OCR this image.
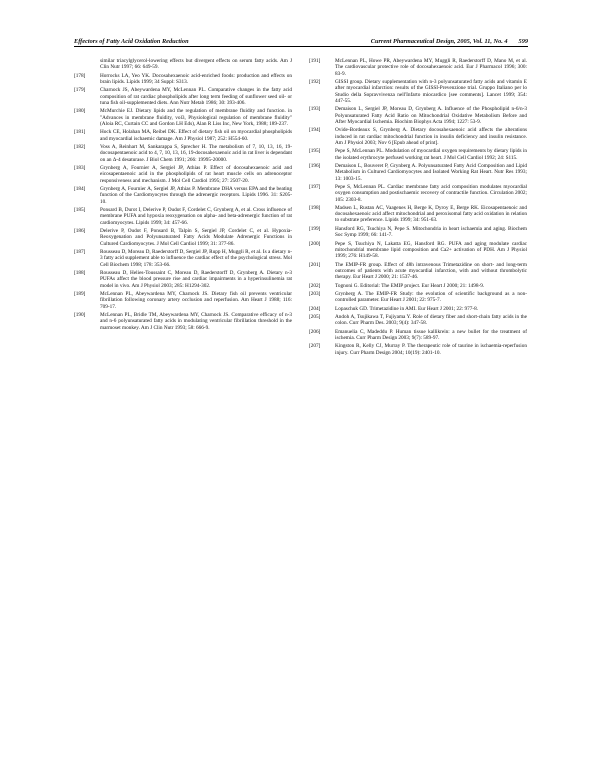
Effectors of Fatty Acid Oxidation Reduction	Current Pharmaceutical Design, 2005, Vol. 11, No. 4 599
similar triacylglycerol-lowering effects but divergent effects on serum fatty acids. Am J Clin Nutr 1997; 66: 649-59.
[178]	Horrocks LA, Yeo YK. Docosahexaenoic acid-enriched foods: production and effects on brain lipids. Lipids 1999; 34 Suppl: S313.
[179]	Charnock JS, Abeywardena MY, McLennan PL. Comparative changes in the fatty acid composition of rat cardiac phospholipids after long term feeding of sunflower seed oil- or tuna fish oil-supplemented diets. Ann Nutr Metab 1986; 30: 393-406.
[180]	McMurchie EJ. Dietary lipids and the regulation of membrane fluidity and function. in "Advances in membrane fluidity, vol3, Physiological regulation of membrane fluidity" (Aloia RC, Curtain CC and Gordon LH Eds), Alan R Liss Inc, New York, 1988; 189-237.
[181]	Hock CE, Holahan MA, Reibel DK. Effect of dietary fish oil on myocardial phospholipids and myocardial ischaemic damage. Am J Physiol 1987; 252: H554-60.
[182]	Voss A, Reinhart M, Sankarappa S, Sprecher H. The metabolism of 7, 10, 13, 16, 19-docosapentaenoic acid to 4, 7, 10, 13, 16, 19-docosahexaenoic acid in rat liver is dependant on an Δ-4 desaturase. J Biol Chem 1991; 266: 19995-20000.
[183]	Grynberg A, Fournier A, Sergiel JP, Athias P. Effect of docosahexaenoic acid and eicosapentaenoic acid in the phospholipids of rat heart muscle cells on adrenoceptor responsiveness and mechanism. J Mol Cell Cardiol 1995; 27: 2507-20.
[184]	Grynberg A, Fournier A, Sergiel JP, Athias P. Membrane DHA versus EPA and the beating function of the Cardiomyocytes through the adrenergic receptors. Lipids 1996. 31: S205-10.
[185]	Ponsard B, Durot I, Delerive P, Oudot F, Cordelet C, Grynberg A, et al. Cross influence of membrane PUFA and hypoxia reoxygenation on alpha- and beta-adrenergic function of rat cardiomyocytes. Lipids 1999; 34: 457-66.
[186]	Delerive P, Oudot F, Ponsard B, Talpin S, Sergiel JP, Cordelet C, et al. Hypoxia-Reoxygenation and Polyunsaturated Fatty Acids Modulate Adrenergic Functions in Cultured Cardiomyocytes. J Mol Cell Cardiol 1999; 31: 377-86.
[187]	Rousseau D, Moreau D, Raederstorff D, Sergiel JP, Rupp H, Muggli R, et al. Is a dietary n-3 fatty acid supplement able to influence the cardiac effect of the psychological stress. Mol Cell Biochem 1998; 178: 353-66.
[188]	Rousseau D, Helies-Toussaint C, Moreau D, Raederstorff D, Grynberg A. Dietary n-3 PUFAs affect the blood pressure rise and cardiac impairments in a hyperinsulinemia rat model in vivo. Am J Physiol 2003; 285: H1294-302.
[189]	McLennan PL, Abeywardena MY, Charnock JS. Dietary fish oil prevents ventricular fibrillation following coronary artery occlusion and reperfusion. Am Heart J 1988; 116: 709-17.
[190]	McLennan PL, Bridle TM, Abeywardena MY, Charnock JS. Comparative efficacy of n-3 and n-6 polyunsaturated fatty acids in modulating ventricular fibrillation threshold in the marmoset monkey. Am J Clin Nutr 1993; 58: 666-9.
[191]	McLennan PL, Howe PR, Abeywardena MY, Muggli R, Raederstorff D, Mano M, et al. The cardiovascular protective role of docosahexaenoic acid. Eur J Pharmacol 1996; 300: 83-9.
[192]	GISSI group. Dietary supplementation with n-3 polyunsaturated fatty acids and vitamin E after myocardial infarction: results of the GISSI-Prevenzione trial. Gruppo Italiano per lo Studio della Sopravvivenza nell'Infarto miocardico [see comments]. Lancet 1999; 354: 447-55.
[193]	Demaison L, Sergiel JP, Moreau D, Grynberg A. Influence of the Phospholipid n-6/n-3 Polyunsaturated Fatty Acid Ratio on Mitochondrial Oxidative Metabolism Before and After Myocardial Ischemia. Biochim Biophys Acta 1994; 1227: 53-9.
[194]	Ovide-Bordeaux S, Grynberg A. Dietary docosahexaenoic acid affects the alterations induced in rat cardiac mitochondrial function in insulin deficiency and insulin resistance. Am J Physiol 2003; Nov 6 [Epub ahead of print].
[195]	Pepe S, McLennan PL. Modulation of myocardial oxygen requirements by dietary lipids in the isolated erythrocyte perfused working rat heart. J Mol Cell Cardiol 1992; 24: S115.
[196]	Demaison L, Bouveret P, Grynberg A. Polyunsaturated Fatty Acid Composition and Lipid Metabolism in Cultured Cardiomyocytes and Isolated Working Rat Heart. Nutr Res 1993; 13: 1003-15.
[197]	Pepe S, McLennan PL. Cardiac membrane fatty acid composition modulates myocardial oxygen consumption and postischaemic recovery of contractile function. Circulation 2002; 105: 2303-8.
[198]	Madsen L, Rustan AC, Vaagenes H, Berge K, Dyroy E, Berge RK. Eicosapentaenoic and docosahexaenoic acid affect mitochondrial and peroxisomal fatty acid oxidation in relation to substrate preference. Lipids 1999; 34: 951-63.
[199]	Hansford RG, Tsuchiya N, Pepe S. Mitochondria in heart ischaemia and aging. Biochem Soc Symp 1999; 66: 141-7.
[200]	Pepe S, Tsuchiya N, Lakatta EG, Hansford RG. PUFA and aging modulate cardiac mitochondrial membrane lipid composition and Ca2+ activation of PDH. Am J Physiol 1999; 276: H149-58.
[201]	The EMIP-FR group. Effect of 48h intravenous Trimetazidine on short- and long-term outcomes of patients with acute myocardial infarction, with and without thrombolytic therapy. Eur Heart J 2000; 21: 1537-46.
[202]	Tognoni G. Editorial: The EMIP project. Eur Heart J 2000; 21: 1498-9.
[203]	Grynberg A. The EMIP-FR Study: the evolution of scientific background as a non-controlled parameter. Eur Heart J 2001; 22: 975-7.
[204]	Lopaschuk GD. Trimetazidine in AMI. Eur Heart J 2001; 22: 977-8.
[205]	Andoh A, Tsujikawa T, Fujiyama Y. Role of dietary fiber and short-chain fatty acids in the colon. Curr Pharm Des. 2003; 9(4): 347-58.
[206]	Emanuelia C, Madeddu P. Human tissue kallikrein: a new bullet for the treatment of ischemia. Curr Pharm Design 2003; 9(7): 589-97.
[207]	Kingston R, Kelly CJ, Murray P. The therapeutic role of taurine in ischaemia-reperfusion injury. Curr Pharm Design 2004; 10(19): 2401-10.
